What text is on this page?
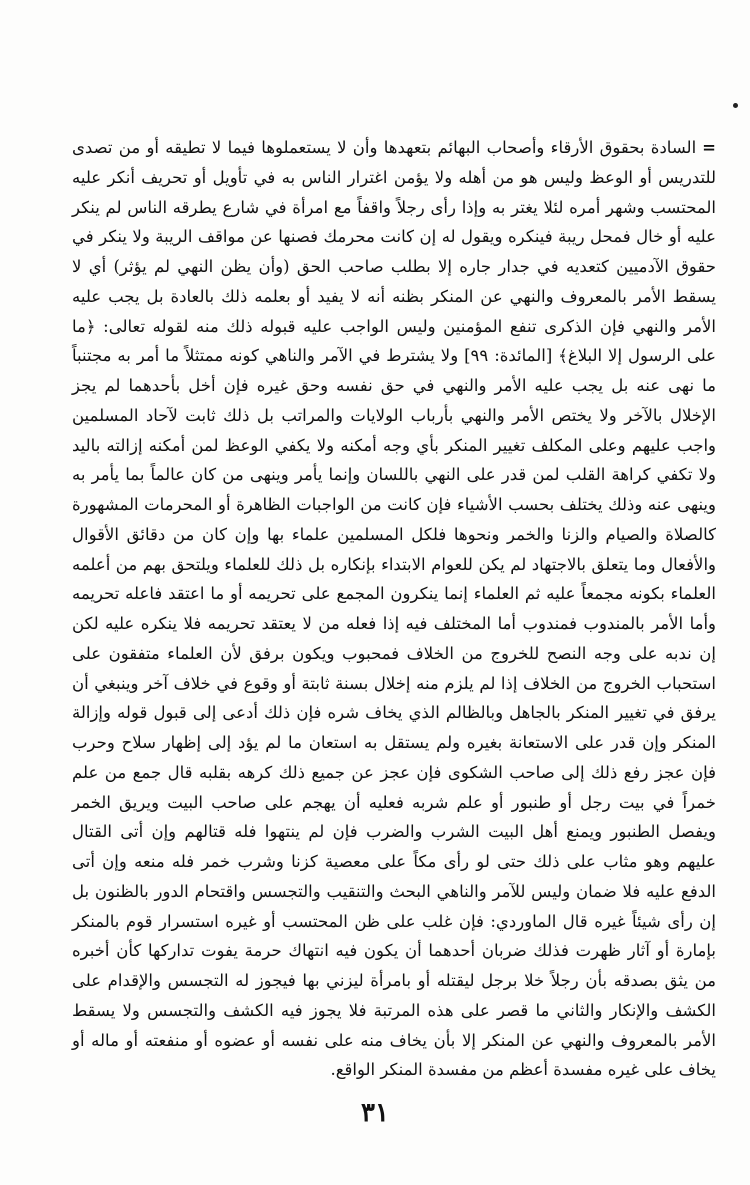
=السادة بحقوق الأرقاء وأصحاب البهائم بتعهدها وأن لا يستعملوها فيما لا تطيقه أو من تصدى للتدريس أو الوعظ وليس هو من أهله ولا يؤمن اغترار الناس به في تأويل أو تحريف أنكر عليه المحتسب وشهر أمره لئلا يغتر به وإذا رأى رجلاً واقفاً مع امرأة في شارع يطرقه الناس لم ينكر عليه أو خال فمحل ريبة فينكره ويقول له إن كانت محرمك فصنها عن مواقف الريبة ولا ينكر في حقوق الآدميين كتعديه في جدار جاره إلا بطلب صاحب الحق (وأن يظن النهي لم يؤثر) أي لا يسقط الأمر بالمعروف والنهي عن المنكر بظنه أنه لا يفيد أو بعلمه ذلك بالعادة بل يجب عليه الأمر والنهي فإن الذكرى تنفع المؤمنين وليس الواجب عليه قبوله ذلك منه لقوله تعالى: ﴿ما على الرسول إلا البلاغ﴾ [المائدة: ٩٩] ولا يشترط في الآمر والناهي كونه ممتثلاً ما أمر به مجتنباً ما نهى عنه بل يجب عليه الأمر والنهي في حق نفسه وحق غيره فإن أخل بأحدهما لم يجز الإخلال بالآخر ولا يختص الأمر والنهي بأرباب الولايات والمراتب بل ذلك ثابت لآحاد المسلمين واجب عليهم وعلى المكلف تغيير المنكر بأي وجه أمكنه ولا يكفي الوعظ لمن أمكنه إزالته باليد ولا تكفي كراهة القلب لمن قدر على النهي باللسان وإنما يأمر وينهى من كان عالماً بما يأمر به وينهى عنه وذلك يختلف بحسب الأشياء فإن كانت من الواجبات الظاهرة أو المحرمات المشهورة كالصلاة والصيام والزنا والخمر ونحوها فلكل المسلمين علماء بها وإن كان من دقائق الأقوال والأفعال وما يتعلق بالاجتهاد لم يكن للعوام الابتداء بإنكاره بل ذلك للعلماء ويلتحق بهم من أعلمه العلماء بكونه مجمعاً عليه ثم العلماء إنما ينكرون المجمع على تحريمه أو ما اعتقد فاعله تحريمه وأما الأمر بالمندوب فمندوب أما المختلف فيه إذا فعله من لا يعتقد تحريمه فلا ينكره عليه لكن إن ندبه على وجه النصح للخروج من الخلاف فمحبوب ويكون برفق لأن العلماء متفقون على استحباب الخروج من الخلاف إذا لم يلزم منه إخلال بسنة ثابتة أو وقوع في خلاف آخر وينبغي أن يرفق في تغيير المنكر بالجاهل وبالظالم الذي يخاف شره فإن ذلك أدعى إلى قبول قوله وإزالة المنكر وإن قدر على الاستعانة بغيره ولم يستقل به استعان ما لم يؤد إلى إظهار سلاح وحرب فإن عجز رفع ذلك إلى صاحب الشكوى فإن عجز عن جميع ذلك كرهه بقلبه قال جمع من علم خمراً في بيت رجل أو طنبور أو علم شربه فعليه أن يهجم على صاحب البيت ويريق الخمر ويفصل الطنبور ويمنع أهل البيت الشرب والضرب فإن لم ينتهوا فله قتالهم وإن أتى القتال عليهم وهو مثاب على ذلك حتى لو رأى مكاً على معصية كزنا وشرب خمر فله منعه وإن أتى الدفع عليه فلا ضمان وليس للآمر والناهي البحث والتنقيب والتجسس واقتحام الدور بالظنون بل إن رأى شيئاً غيره قال الماوردي: فإن غلب على ظن المحتسب أو غيره استسرار قوم بالمنكر بإمارة أو آثار ظهرت فذلك ضربان أحدهما أن يكون فيه انتهاك حرمة يفوت تداركها كأن أخبره من يثق بصدقه بأن رجلاً خلا برجل ليقتله أو بامرأة ليزني بها فيجوز له التجسس والإقدام على الكشف والإنكار والثاني ما قصر على هذه المرتبة فلا يجوز فيه الكشف والتجسس ولا يسقط الأمر بالمعروف والنهي عن المنكر إلا بأن يخاف منه على نفسه أو عضوه أو منفعته أو ماله أو يخاف على غيره مفسدة أعظم من مفسدة المنكر الواقع.

٣١
